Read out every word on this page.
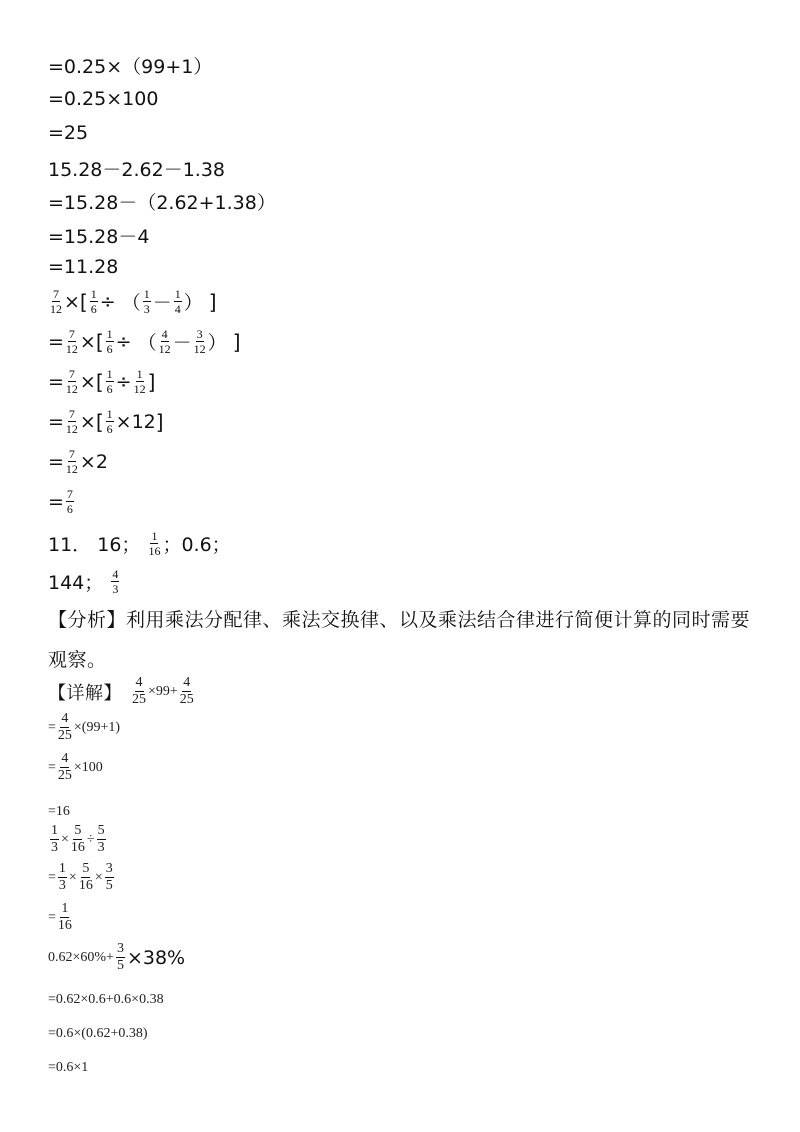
=0.25×（99+1）
=0.25×100
=25
15.28－2.62－1.38
=15.28－（2.62+1.38）
=15.28－4
=11.28
$\frac{7}{12}$ × [ $\frac{1}{6}$ ÷
（ $\frac{1}{3} - \frac{1}{4}$ ）
]
= $\frac{7}{12}$ × [ $\frac{1}{6}$ ÷
（ $\frac{4}{12} - \frac{3}{12}$ ）
]
= $\frac{7}{12}$ × [ $\frac{1}{6} \div \frac{1}{12}$ ]
= $\frac{7}{12}$ × [ $\frac{1}{6} \times 12$ ]
= $\frac{7}{12} \times 2$
= $\frac{7}{6}$
11．
16；
$\frac{1}{16}$ ；0.6；
144；
$\frac{4}{3}$
【分析】利用乘法分配律、乘法交换律、以及乘法结合律进行简便计算的同时需要观察。
【详解】 $\frac{4}{25} \times 99+ \frac{4}{25}$
= $\frac{4}{25} \times(99+1)$
= $\frac{4}{25} \times 100$
=16
$\frac{1}{3} \times \frac{5}{16} \div \frac{5}{3}$
= $\frac{1}{3} \times \frac{5}{16} \times \frac{3}{5}$
= $\frac{1}{16}$
$0.62\times 60\%+ \frac{3}{5} \times 38\%$
=0.62×0.6+0.6×0.38
=0.6×(0.62+0.38)
=0.6×1
